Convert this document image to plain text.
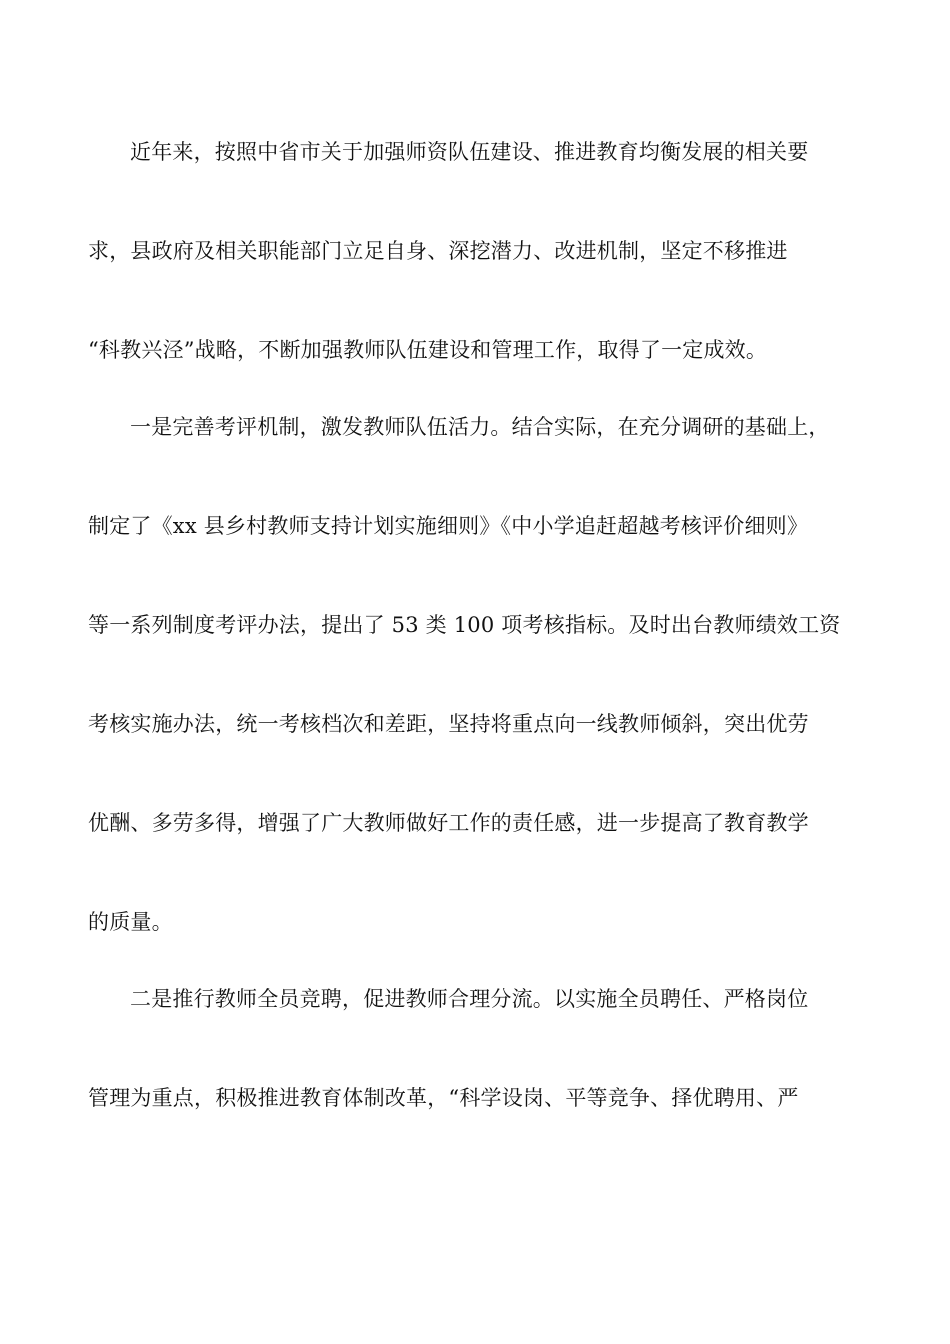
近年来，按照中省市关于加强师资队伍建设、推进教育均衡发展的相关要
求，县政府及相关职能部门立足自身、深挖潜力、改进机制，坚定不移推进
“科教兴泾”战略，不断加强教师队伍建设和管理工作，取得了一定成效。
一是完善考评机制，激发教师队伍活力。结合实际，在充分调研的基础上，
制定了《xx 县乡村教师支持计划实施细则》《中小学追赶超越考核评价细则》
等一系列制度考评办法，提出了 53 类 100 项考核指标。及时出台教师绩效工资
考核实施办法，统一考核档次和差距，坚持将重点向一线教师倾斜，突出优劳
优酬、多劳多得，增强了广大教师做好工作的责任感，进一步提高了教育教学
的质量。
二是推行教师全员竞聘，促进教师合理分流。以实施全员聘任、严格岗位
管理为重点，积极推进教育体制改革，“科学设岗、平等竞争、择优聘用、严
